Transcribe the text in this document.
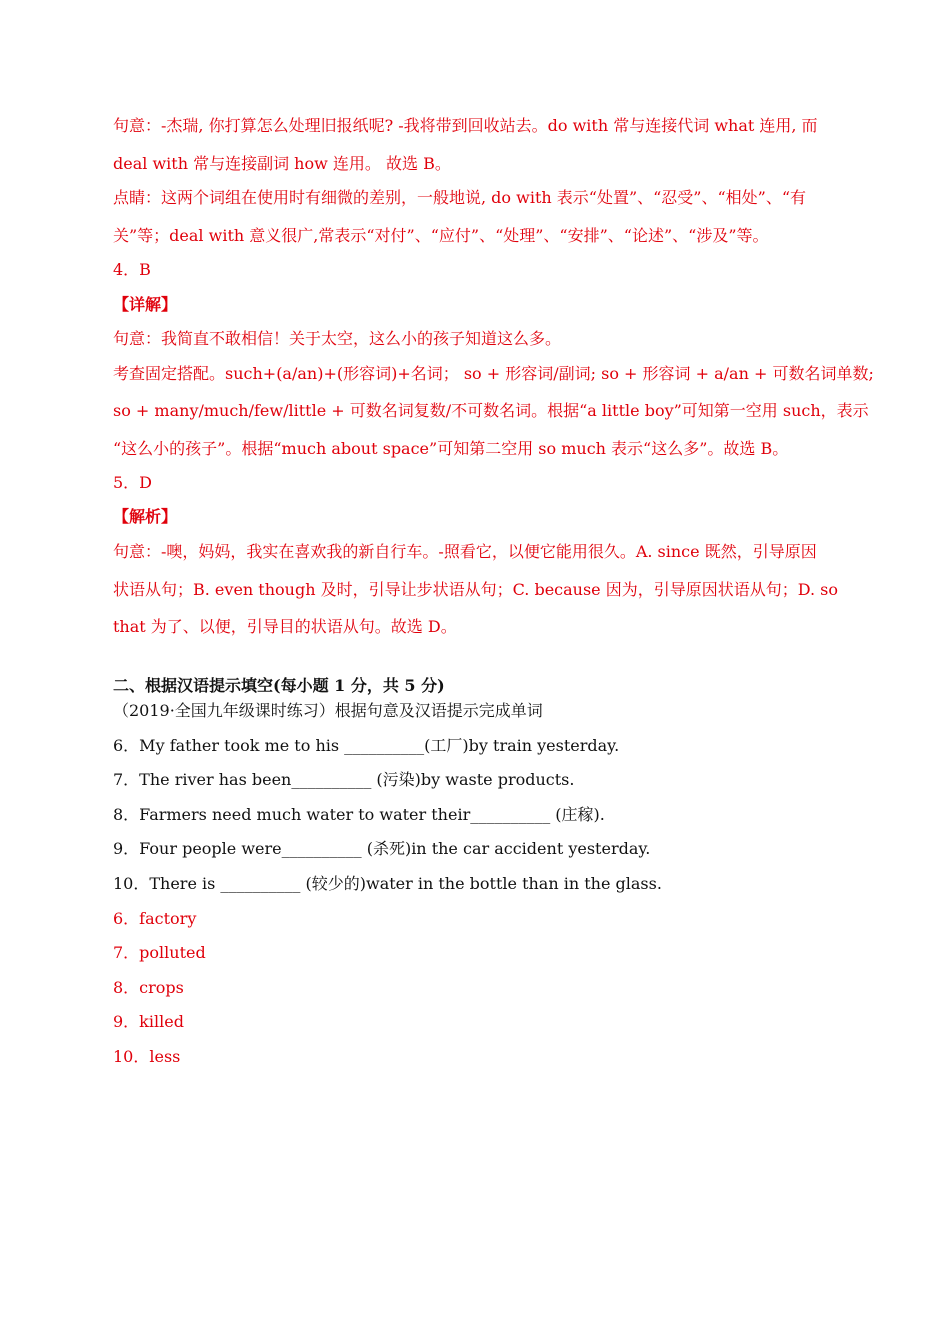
句意：-杰瑞, 你打算怎么处理旧报纸呢? -我将带到回收站去。do with 常与连接代词 what 连用, 而
deal with 常与连接副词 how 连用。 故选 B。
点睛：这两个词组在使用时有细微的差别，一般地说, do with 表示“处置”、“忍受”、“相处”、“有
关”等；deal with 意义很广,常表示“对付”、“应付”、“处理”、“安排”、“论述”、“涉及”等。
4．B
【详解】
句意：我简直不敢相信！关于太空，这么小的孩子知道这么多。
考查固定搭配。such+(a/an)+(形容词)+名词； so + 形容词/副词; so + 形容词 + a/an + 可数名词单数;
so + many/much/few/little + 可数名词复数/不可数名词。根据“a little boy”可知第一空用 such，表示
“这么小的孩子”。根据“much about space”可知第二空用 so much 表示“这么多”。故选 B。
5．D
【解析】
句意：-噢，妈妈，我实在喜欢我的新自行车。-照看它，以便它能用很久。A. since 既然，引导原因
状语从句；B. even though 及时，引导让步状语从句；C. because 因为，引导原因状语从句；D. so
that 为了、以便，引导目的状语从句。故选 D。
二、根据汉语提示填空(每小题 1 分，共 5 分)
（2019·全国九年级课时练习）根据句意及汉语提示完成单词
6．My father took me to his __________(工厂)by train yesterday.
7．The river has been__________ (污染)by waste products.
8．Farmers need much water to water their__________ (庄稼).
9．Four people were__________ (杀死)in the car accident yesterday.
10．There is __________ (较少的)water in the bottle than in the glass.
6．factory
7．polluted
8．crops
9．killed
10．less
